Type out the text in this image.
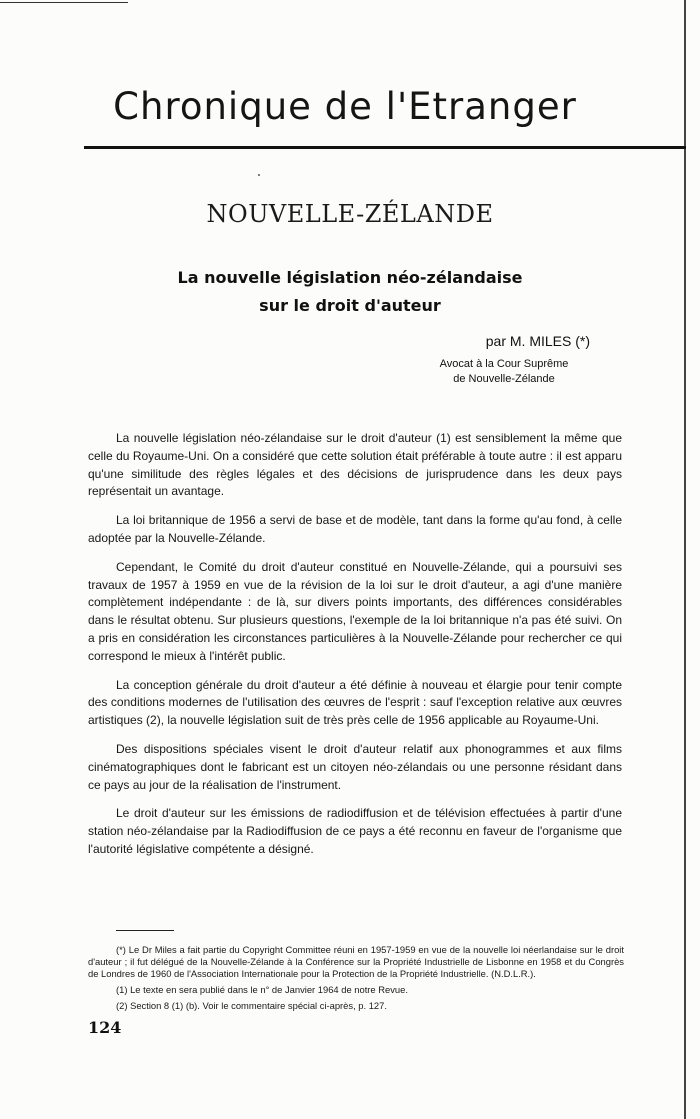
Chronique de l'Etranger
NOUVELLE-ZÉLANDE
La nouvelle législation néo-zélandaise
sur le droit d'auteur
par M. MILES (*)
Avocat à la Cour Suprême
de Nouvelle-Zélande

La nouvelle législation néo-zélandaise sur le droit d'auteur (1) est sensiblement la même que celle du Royaume-Uni. On a considéré que cette solution était préférable à toute autre : il est apparu qu'une similitude des règles légales et des décisions de jurisprudence dans les deux pays représentait un avantage.

La loi britannique de 1956 a servi de base et de modèle, tant dans la forme qu'au fond, à celle adoptée par la Nouvelle-Zélande.

Cependant, le Comité du droit d'auteur constitué en Nouvelle-Zélande, qui a poursuivi ses travaux de 1957 à 1959 en vue de la révision de la loi sur le droit d'auteur, a agi d'une manière complètement indépendante : de là, sur divers points importants, des différences considérables dans le résultat obtenu. Sur plusieurs questions, l'exemple de la loi britannique n'a pas été suivi. On a pris en considération les circonstances particulières à la Nouvelle-Zélande pour rechercher ce qui correspond le mieux à l'intérêt public.

La conception générale du droit d'auteur a été définie à nouveau et élargie pour tenir compte des conditions modernes de l'utilisation des œuvres de l'esprit : sauf l'exception relative aux œuvres artistiques (2), la nouvelle législation suit de très près celle de 1956 applicable au Royaume-Uni.

Des dispositions spéciales visent le droit d'auteur relatif aux phonogrammes et aux films cinématographiques dont le fabricant est un citoyen néo-zélandais ou une personne résidant dans ce pays au jour de la réalisation de l'instrument.

Le droit d'auteur sur les émissions de radiodiffusion et de télévision effectuées à partir d'une station néo-zélandaise par la Radiodiffusion de ce pays a été reconnu en faveur de l'organisme que l'autorité législative compétente a désigné.

(*) Le Dr Miles a fait partie du Copyright Committee réuni en 1957-1959 en vue de la nouvelle loi néerlandaise sur le droit d'auteur ; il fut délégué de la Nouvelle-Zélande à la Conférence sur la Propriété Industrielle de Lisbonne en 1958 et du Congrès de Londres de 1960 de l'Association Internationale pour la Protection de la Propriété Industrielle. (N.D.L.R.).

(1) Le texte en sera publié dans le n° de Janvier 1964 de notre Revue.

(2) Section 8 (1) (b). Voir le commentaire spécial ci-après, p. 127.

124
